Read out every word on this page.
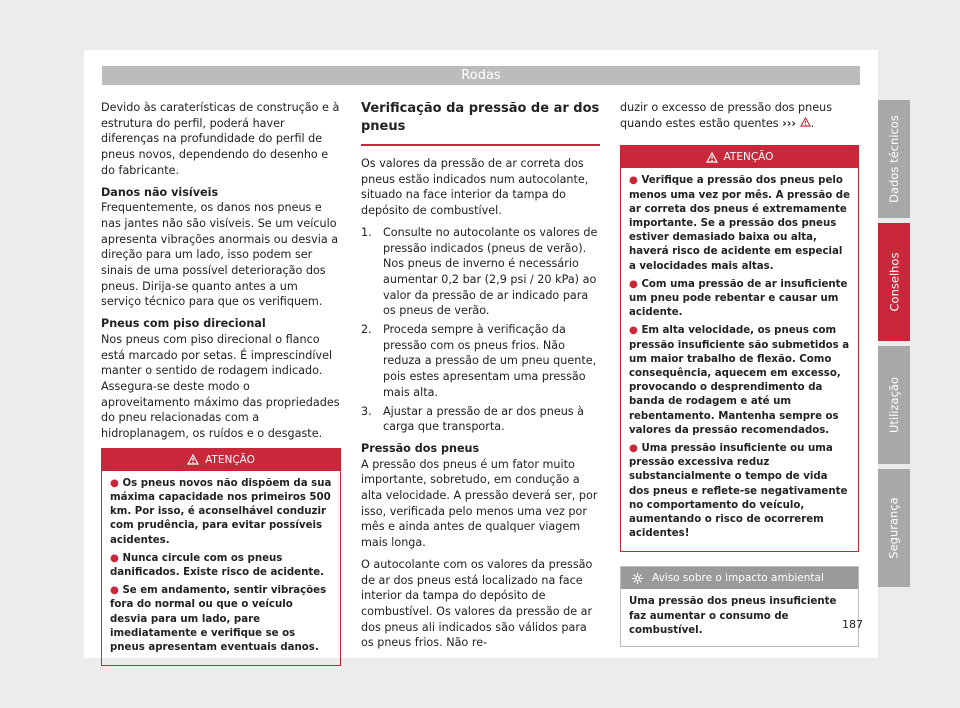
Rodas

Devido às caraterísticas de construção e à estrutura do perfil, poderá haver diferenças na profundidade do perfil de pneus novos, dependendo do desenho e do fabricante.

Danos não visíveis

Frequentemente, os danos nos pneus e nas jantes não são visíveis. Se um veículo apresenta vibrações anormais ou desvia a direção para um lado, isso podem ser sinais de uma possível deterioração dos pneus. Dirija-se quanto antes a um serviço técnico para que os verifiquem.

Pneus com piso direcional

Nos pneus com piso direcional o flanco está marcado por setas. É imprescindível manter o sentido de rodagem indicado. Assegura-se deste modo o aproveitamento máximo das propriedades do pneu relacionadas com a hidroplanagem, os ruídos e o desgaste.

ATENÇÃO
● Os pneus novos não dispõem da sua máxima capacidade nos primeiros 500 km. Por isso, é aconselhável conduzir com prudência, para evitar possíveis acidentes.
● Nunca circule com os pneus danificados. Existe risco de acidente.
● Se em andamento, sentir vibrações fora do normal ou que o veículo desvia para um lado, pare imediatamente e verifique se os pneus apresentam eventuais danos.
Verificação da pressão de ar dos pneus

Os valores da pressão de ar correta dos pneus estão indicados num autocolante, situado na face interior da tampa do depósito de combustível.

1. Consulte no autocolante os valores de pressão indicados (pneus de verão). Nos pneus de inverno é necessário aumentar 0,2 bar (2,9 psi / 20 kPa) ao valor da pressão de ar indicado para os pneus de verão.
2. Proceda sempre à verificação da pressão com os pneus frios. Não reduza a pressão de um pneu quente, pois estes apresentam uma pressão mais alta.
3. Ajustar a pressão de ar dos pneus à carga que transporta.
Pressão dos pneus

A pressão dos pneus é um fator muito importante, sobretudo, em condução a alta velocidade. A pressão deverá ser, por isso, verificada pelo menos uma vez por mês e ainda antes de qualquer viagem mais longa.

O autocolante com os valores da pressão de ar dos pneus está localizado na face interior da tampa do depósito de combustível. Os valores da pressão de ar dos pneus ali indicados são válidos para os pneus frios. Não re-

duzir o excesso de pressão dos pneus quando estes estão quentes ››› .

ATENÇÃO
● Verifique a pressão dos pneus pelo menos uma vez por mês. A pressão de ar correta dos pneus é extremamente importante. Se a pressão dos pneus estiver demasiado baixa ou alta, haverá risco de acidente em especial a velocidades mais altas.
● Com uma pressão de ar insuficiente um pneu pode rebentar e causar um acidente.
● Em alta velocidade, os pneus com pressão insuficiente são submetidos a um maior trabalho de flexão. Como consequência, aquecem em excesso, provocando o desprendimento da banda de rodagem e até um rebentamento. Mantenha sempre os valores da pressão recomendados.
● Uma pressão insuficiente ou uma pressão excessiva reduz substancialmente o tempo de vida dos pneus e reflete-se negativamente no comportamento do veículo, aumentando o risco de ocorrerem acidentes!
Aviso sobre o impacto ambiental
Uma pressão dos pneus insuficiente faz aumentar o consumo de combustível.
Dados técnicos
Conselhos
Utilização
Segurança
187
